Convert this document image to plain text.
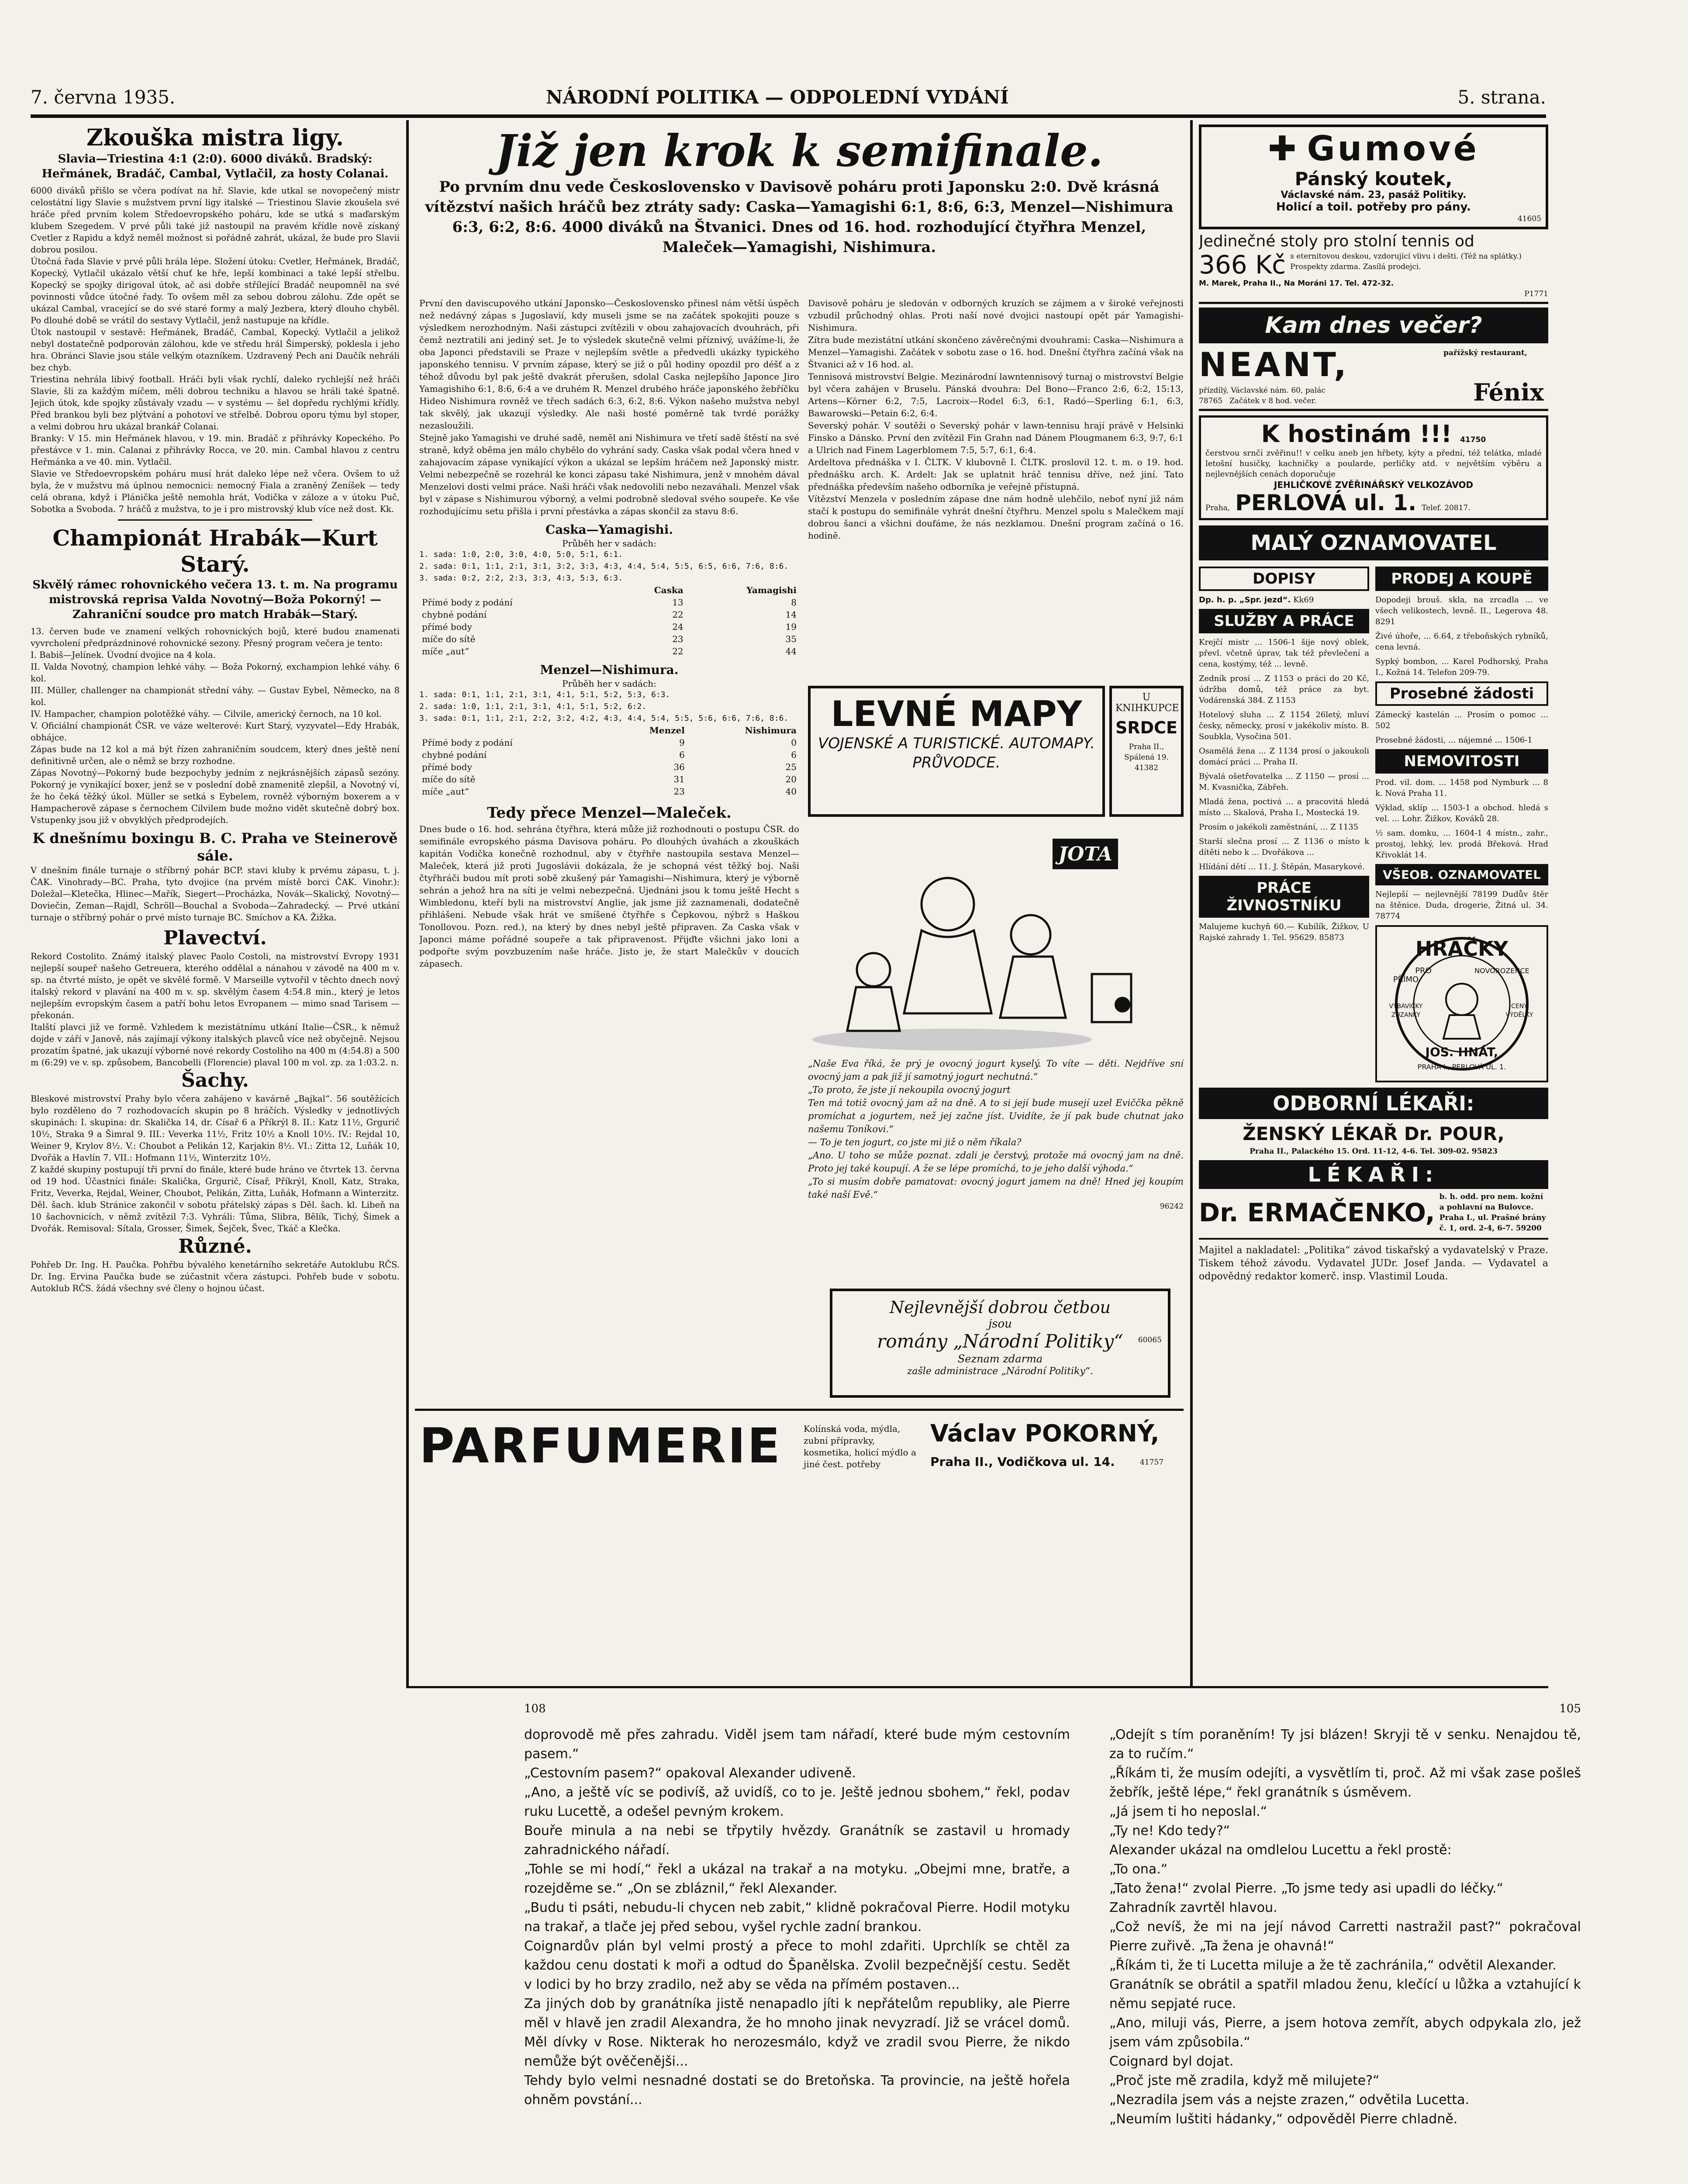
7. června 1935.	NÁRODNÍ POLITIKA — ODPOLEDNÍ VYDÁNÍ	5. strana.

Zkouška mistra ligy.

Slavia—Triestina 4:1 (2:0). 6000 diváků. Bradský: Heřmánek, Bradáč, Cambal, Vytlačil, za hosty Colanai.

6000 diváků přišlo se včera podívat na hř. Slavie, kde utkal se novopečený mistr celostátní ligy Slavie s mužstvem první ligy italské — Triestinou Slavie zkoušela své hráče před prvním kolem Středoevropského poháru, kde se utká s maďarským klubem Szegedem. V prvé půli také již nastoupil na pravém křídle nově získaný Cvetler z Rapidu a když neměl možnost si pořádně zahrát, ukázal, že bude pro Slavii dobrou posilou.

Útočná řada Slavie v prvé půli hrála lépe. Složení útoku: Cvetler, Heřmánek, Bradáč, Kopecký, Vytlačil ukázalo větší chuť ke hře, lepší kombinaci a také lepší střelbu. Kopecký se spojky dirigoval útok, ač asi dobře střílející Bradáč neupomněl na své povinnosti vůdce útočné řady. To ovšem měl za sebou dobrou zálohu. Zde opět se ukázal Cambal, vracející se do své staré formy a malý Jezbera, který dlouho chyběl. Po dlouhé době se vrátil do sestavy Vytlačil, jenž nastupuje na křídle.

Útok nastoupil v sestavě: Heřmánek, Bradáč, Cambal, Kopecký. Vytlačil a jelikož nebyl dostatečně podporován zálohou, kde ve středu hrál Šimperský, poklesla i jeho hra. Obránci Slavie jsou stále velkým otazníkem. Uzdravený Pech ani Daučík nehráli bez chyb.

Triestina nehrála libivý football. Hráči byli však rychlí, daleko rychlejší než hráči Slavie, šli za každým míčem, měli dobrou techniku a hlavou se hráli také špatně. Jejich útok, kde spojky zůstávaly vzadu — v systému — šel dopředu rychlými křídly. Před brankou byli bez plýtvání a pohotoví ve střelbě. Dobrou oporu týmu byl stoper, a velmi dobrou hru ukázal brankář Colanai.

Branky: V 15. min Heřmánek hlavou, v 19. min. Bradáč z přihrávky Kopeckého. Po přestávce v 1. min. Calanai z přihrávky Rocca, ve 20. min. Cambal hlavou z centru Heřmánka a ve 40. min. Vytlačil.

Slavie ve Středoevropském poháru musí hrát daleko lépe než včera. Ovšem to už byla, že v mužstvu má úplnou nemocnici: nemocný Fiala a zraněný Zeníšek — tedy celá obrana, když i Plánička ještě nemohla hrát, Vodička v záloze a v útoku Puč, Sobotka a Svoboda. 7 hráčů z mužstva, to je i pro mistrovský klub více než dost. Kk.

Championát Hrabák—Kurt Starý.

Skvělý rámec rohovnického večera 13. t. m. Na programu mistrovská reprisa Valda Novotný—Boža Pokorný! — Zahraniční soudce pro match Hrabák—Starý.

13. červen bude ve znamení velkých rohovnických bojů, které budou znamenati vyvrcholení předprázdninové rohovnické sezony. Přesný program večera je tento:

I. Babiš—Jelínek. Úvodní dvojice na 4 kola.

II. Valda Novotný, champion lehké váhy. — Boža Pokorný, exchampion lehké váhy. 6 kol.

III. Müller, challenger na championát střední váhy. — Gustav Eybel, Německo, na 8 kol.

IV. Hampacher, champion polotěžké váhy. — Cilvile, americký černoch, na 10 kol.

V. Oficiální championát ČSR. ve váze welterové: Kurt Starý, vyzyvatel—Edy Hrabák, obhájce.

Zápas bude na 12 kol a má být řízen zahraničním soudcem, který dnes ještě není definitivně určen, ale o němž se brzy rozhodne.

Zápas Novotný—Pokorný bude bezpochyby jedním z nejkrásnějších zápasů sezóny. Pokorný je vynikající boxer, jenž se v poslední době znamenitě zlepšil, a Novotný ví, že ho čeká těžký úkol. Müller se setká s Eybelem, rovněž výborným boxerem a v Hampacherově zápase s černochem Cilvilem bude možno vidět skutečně dobrý box. Vstupenky jsou již v obvyklých předprodejích.

K dnešnímu boxingu B. C. Praha ve Steinerově sále.

V dnešním finále turnaje o stříbrný pohár BCP. stavi kluby k prvému zápasu, t. j. ČAK. Vinohrady—BC. Praha, tyto dvojice (na prvém místě borci ČAK. Vinohr.): Doležal—Kletečka, Hlinec—Mařík, Siegert—Procházka, Novák—Skalický, Novotný—Doviečin, Zeman—Rajdl, Schröll—Bouchal a Svoboda—Zahradecký. — Prvé utkání turnaje o stříbrný pohár o prvé místo turnaje BC. Smíchov a KA. Žižka.

Plavectví.

Rekord Costolito. Známý italský plavec Paolo Costoli, na mistrovství Evropy 1931 nejlepší soupeř našeho Getreuera, kterého oddělal a nánahou v závodě na 400 m v. sp. na čtvrté místo, je opět ve skvělé formě. V Marseille vytvořil v těchto dnech nový italský rekord v plavání na 400 m v. sp. skvělým časem 4:54.8 min., který je letos nejlepším evropským časem a patří bohu letos Evropanem — mimo snad Tarisem — překonán.

Italští plavci již ve formě. Vzhledem k mezistátnímu utkání Italie—ČSR., k němuž dojde v září v Janově, nás zajímají výkony italských plavců více než obyčejně. Nejsou prozatím špatné, jak ukazují výborné nové rekordy Costoliho na 400 m (4:54.8) a 500 m (6:29) ve v. sp. způsobem, Bancobelli (Florencie) plaval 100 m vol. zp. za 1:03.2. n.

Šachy.

Bleskové mistrovství Prahy bylo včera zahájeno v kavárně „Bajkal“. 56 soutěžících bylo rozděleno do 7 rozhodovacích skupin po 8 hráčích. Výsledky v jednotlivých skupinách: I. skupina: dr. Skalička 14, dr. Císař 6 a Příkrýl 8. II.: Katz 11½, Grgurič 10½, Straka 9 a Šimral 9. III.: Veverka 11½, Fritz 10½ a Knoll 10½. IV.: Rejdal 10, Weiner 9, Krylov 8½. V.: Choubot a Pelikán 12, Karjakin 8½. VI.: Zitta 12, Luňák 10, Dvořák a Havlín 7. VII.: Hofmann 11½, Winterzitz 10½.

Z každé skupiny postupují tři první do finále, které bude hráno ve čtvrtek 13. června od 19 hod. Účastníci finále: Skalička, Grgurič, Císař, Příkrýl, Knoll, Katz, Straka, Fritz, Veverka, Rejdal, Weiner, Choubot, Pelikán, Zitta, Luňák, Hofmann a Winterzitz.

Děl. šach. klub Stránice zakončil v sobotu přátelský zápas s Děl. šach. kl. Libeň na 10 šachovnicích, v němž zvítězil 7:3. Vyhráli: Tůma, Slibra, Bělík, Tichý, Šimek a Dvořák. Remisoval: Sítala, Grosser, Šimek, Šejček, Švec, Tkáč a Klečka.

Různé.

Pohřeb Dr. Ing. H. Paučka. Pohřbu bývalého kenetárního sekretáře Autoklubu RČS. Dr. Ing. Ervina Paučka bude se zúčastnit včera zástupci. Pohřeb bude v sobotu. Autoklub RČS. žádá všechny své členy o hojnou účast.

Již jen krok k semifinale.

Po prvním dnu vede Československo v Davisově poháru proti Japonsku 2:0. Dvě krásná vítězství našich hráčů bez ztráty sady: Caska—Yamagishi 6:1, 8:6, 6:3, Menzel—Nishimura 6:3, 6:2, 8:6. 4000 diváků na Štvanici. Dnes od 16. hod. rozhodující čtyřhra Menzel, Maleček—Yamagishi, Nishimura.

První den daviscupového utkání Japonsko—Československo přinesl nám větší úspěch než nedávný zápas s Jugoslavií, kdy museli jsme se na začátek spokojiti pouze s výsledkem nerozhodným. Naši zástupci zvítězili v obou zahajovacích dvouhrách, při čemž neztratili ani jediný set. Je to výsledek skutečně velmi příznivý, uvážíme-li, že oba Japonci představili se Praze v nejlepším světle a předvedli ukázky typického japonského tennisu. V prvním zápase, který se již o půl hodiny opozdil pro déšť a z téhož důvodu byl pak ještě dvakrát přerušen, sdolal Caska nejlepšího Japonce Jiro Yamagishiho 6:1, 8:6, 6:4 a ve druhém R. Menzel drubého hráče japonského žebříčku Hideo Nishimura rovněž ve třech sadách 6:3, 6:2, 8:6. Výkon našeho mužstva nebyl tak skvělý, jak ukazují výsledky. Ale naši hosté poměrně tak tvrdé porážky nezasloužili.

Stejně jako Yamagishi ve druhé sadě, neměl ani Nishimura ve třetí sadě štěstí na své straně, když oběma jen málo chybělo do vyhrání sady. Caska však podal včera hned v zahajovacím zápase vynikající výkon a ukázal se lepším hráčem než Japonský mistr. Velmi nebezpečně se rozehrál ke konci zápasu také Nishimura, jenž v mnohém dával Menzelovi dosti velmi práce. Naši hráči však nedovolili nebo nezaváhali. Menzel však byl v zápase s Nishimurou výborný, a velmi podrobně sledoval svého soupeře. Ke vše rozhodujícímu setu přišla i první přestávka a zápas skončil za stavu 8:6.

Caska—Yamagishi.

Průběh her v sadách:

1. sada: 1:0, 2:0, 3:0, 4:0, 5:0, 5:1, 6:1.

2. sada: 0:1, 1:1, 2:1, 3:1, 3:2, 3:3, 4:3, 4:4, 5:4, 5:5, 6:5, 6:6, 7:6, 8:6.

3. sada: 0:2, 2:2, 2:3, 3:3, 4:3, 5:3, 6:3.

	Caska	Yamagishi
Přímé body z podání	13	8
chybné podání	22	14
přímé body	24	19
míče do sítě	23	35
míče „aut“	22	44

Menzel—Nishimura.

Průběh her v sadách:

1. sada: 0:1, 1:1, 2:1, 3:1, 4:1, 5:1, 5:2, 5:3, 6:3.

2. sada: 1:0, 1:1, 2:1, 3:1, 4:1, 5:1, 5:2, 6:2.

3. sada: 0:1, 1:1, 2:1, 2:2, 3:2, 4:2, 4:3, 4:4, 5:4, 5:5, 5:6, 6:6, 7:6, 8:6.

	Menzel	Nishimura
Přímé body z podání	9	0
chybné podání	6	6
přímé body	36	25
míče do sítě	31	20
míče „aut“	23	40

Tedy přece Menzel—Maleček.

Dnes bude o 16. hod. sehrána čtyřhra, která může již rozhodnouti o postupu ČSR. do semifinále evropského pásma Davisova poháru. Po dlouhých úvahách a zkouškách kapitán Vodička konečně rozhodnul, aby v čtyřhře nastoupila sestava Menzel—Maleček, která již proti Jugoslávii dokázala, že je schopná vést těžký boj. Naši čtyřhráči budou mít proti sobě zkušený pár Yamagishi—Nishimura, který je výborně sehrán a jehož hra na síti je velmi nebezpečná. Ujednáni jsou k tomu ještě Hecht s Wimbledonu, kteří byli na mistrovství Anglie, jak jsme již zaznamenali, dodatečně přihlášeni. Nebude však hrát ve smíšené čtyřhře s Čepkovou, nýbrž s Haškou Tonollovou. Pozn. red.), na který by dnes nebyl ještě připraven. Za Caska však v Japonci máme pořádné soupeře a tak připravenost. Přijďte všichni jako loni a podpořte svým povzbuzením naše hráče. Jisto je, že start Malečkův v doucích zápasech.

Davisově poháru je sledován v odborných kruzích se zájmem a v široké veřejnosti vzbudil průchodný ohlas. Proti naší nové dvojici nastoupí opět pár Yamagishi-Nishimura.

Zítra bude mezistátní utkání skončeno závěrečnými dvouhrami: Caska—Nishimura a Menzel—Yamagishi. Začátek v sobotu zase o 16. hod. Dnešní čtyřhra začíná však na Štvanici až v 16 hod. al.

Tennisová mistrovství Belgie. Mezinárodní lawntennisový turnaj o mistrovství Belgie byl včera zahájen v Bruselu. Pánská dvouhra: Del Bono—Franco 2:6, 6:2, 15:13, Artens—Körner 6:2, 7:5, Lacroix—Rodel 6:3, 6:1, Radó—Sperling 6:1, 6:3, Bawarowski—Petain 6:2, 6:4.

Severský pohár. V soutěži o Severský pohár v lawn-tennisu hrají právě v Helsinki Finsko a Dánsko. První den zvítězil Fin Grahn nad Dánem Plougmanem 6:3, 9:7, 6:1 a Ulrich nad Finem Lagerblomem 7:5, 5:7, 6:1, 6:4.

Ardeltova přednáška v I. ČLTK. V klubovně I. ČLTK. proslovil 12. t. m. o 19. hod. přednášku arch. K. Ardelt: Jak se uplatnit hráč tennisu dříve, než jiní. Tato přednáška především našeho odborníka je veřejně přístupná.

Vítězství Menzela v posledním zápase dne nám hodně ulehčilo, neboť nyní již nám stačí k postupu do semifinále vyhrát dnešní čtyřhru. Menzel spolu s Malečkem mají dobrou šanci a všichni doufáme, že nás nezklamou. Dnešní program začíná o 16. hodině.

LEVNÉ MAPY
VOJENSKÉ A TURISTICKÉ. AUTOMAPY. PRŮVODCE.
U KNIHKUPCE
SRDCE
Praha II., Spálená 19.
41382
JOTA

„Naše Eva říká, že prý je ovocný jogurt kyselý. To víte — děti. Nejdříve sní ovocný jam a pak již jí samotný jogurt nechutná.“

„To proto, že jste jí nekoupila ovocný jogurt

Ten má totiž ovocný jam až na dně. A to si její bude musejí uzel Eviččka pěkně promíchat a jogurtem, než jej začne jíst. Uvidíte, že jí pak bude chutnat jako našemu Toníkovi.“

— To je ten jogurt, co jste mi již o něm říkala?

„Ano. U toho se může poznat. zdali je čerstvý, protože má ovocný jam na dně. Proto jej také koupují. A že se lépe promíchá, to je jeho další výhoda.“

„To si musím dobře pamatovat: ovocný jogurt jamem na dně! Hned jej koupím také naší Evě.“

96242

Nejlevnější dobrou četbou
jsou
romány „Národní Politiky“
Seznam zdarma
zašle administrace „Národní Politiky“.
60065
PARFUMERIE Kolínská voda, mýdla, zubní přípravky, kosmetika, holicí mýdlo a jiné čest. potřeby
Václav POKORNÝ,
Praha II., Vodičkova ul. 14.	41757
✚ Gumové
Pánský koutek,
Václavské nám. 23, pasáž Politiky.
Holicí a toil. potřeby pro pány.
41605
Jedinečné stoly pro stolní tennis od
366 Kč s eternitovou deskou, vzdorující vlivu i dešti. (Též na splátky.) Prospekty zdarma. Zasílá prodejci.
M. Marek, Praha II., Na Moráni 17. Tel. 472-32.
P1771
Kam dnes večer?
NEANT,	pařížský restaurant,
přízdílý, Václavské nám. 60, palác
Začátek v 8 hod. večer.
78765	Fénix
K hostinám !!! 41750
čerstvou srnčí zvěřinu!! v celku aneb jen hřbety, kýty a přední, též telátka, mladé letošní husičky, kachničky a poularde, perličky atd. v největším výběru a nejlevnějších cenách doporučuje
JEHLIČKOVÉ ZVĚŘINÁŘSKÝ VELKOZÁVOD
Praha, PERLOVÁ ul. 1. Telef. 20817.
MALÝ OZNAMOVATEL
DOPISY
Dp. h. p. „Spr. jezd“. Kk69
SLUŽBY A PRÁCE
Krejčí mistr ... 1506-1 šije nový oblek, převl. včetně úprav, tak též převlečení a cena, kostýmy, též ... levně.
Zedník prosí ... Z 1153 o práci do 20 Kč, údržba domů, též práce za byt. Vodárenská 384. Z 1153
Hotelový sluha ... Z 1154 26letý, mluví česky, německy, prosí v jakékoliv místo. B. Soubkla, Vysočina 501.
Osamělá žena ... Z 1134 prosí o jakoukoli domácí práci ... Praha II.
Bývalá ošetřovatelka ... Z 1150 — prosí ... M. Kvasnička, Zábřeh.
Mladá žena, poctivá ... a pracovitá hledá místo ... Skalová, Praha I., Mostecká 19.
Prosím o jakékoli zaměstnání, ... Z 1135
Starší slečna prosí ... Z 1136 o místo k dítěti nebo k ... Dvořákova ...
Hlídání dětí ... 11. J. Štěpán, Masarykové.
PRÁCE ŽIVNOSTNÍKU
Malujeme kuchyň 60.— Kubílík, Žižkov, U Rajské zahrady 1. Tel. 95629. 85873
PRODEJ A KOUPĚ
Dopodeji brouš. skla, na zrcadla ... ve všech velikostech, levně. II., Legerova 48. 8291
Živé úhoře, ... 6.64, z třeboňských rybníků, cena levná.
Sypký bombon, ... Karel Podhorský, Praha I., Kožná 14. Telefon 209-79.
Prosebné žádosti
Zámecký kastelán ... Prosím o pomoc ... 502
Prosebné žádosti, ... nájemné ... 1506-1
NEMOVITOSTI
Prod. vil. dom. ... 1458 pod Nymburk ... 8 k. Nová Praha 11.
Výklad, sklíp ... 1503-1 a obchod. hledá s vel. ... Lohr. Žižkov, Kováků 28.
½ sam. domku, ... 1604-1 4 místn., zahr., prostoj, lehký, lev. prodá Břeková. Hrad Křivoklát 14.
VŠEOB. OZNAMOVATEL
Nejlepší — nejlevnější 78199 Dudův štěr na štěnice. Duda, drogerie, Žitná ul. 34. 78774
HRAČKY
PŘÍMO
PRO	NOVOROZENCE
VÝBAVIČKY
ZUZANKY
CENY
VÝDĚLKY
JOS. HNÁT,
PRAHA I., PERLOVÁ UL. 1.
ODBORNÍ LÉKAŘI:
ŽENSKÝ LÉKAŘ Dr. POUR,
Praha II., Palackého 15. Ord. 11-12, 4-6. Tel. 309-02. 95823
LÉKAŘI:
Dr. ERMAČENKO,
b. h. odd. pro nem. kožní a pohlavní na Bulovce. Praha I., ul. Prašné brány č. 1, ord. 2-4, 6-7. 59200
Majitel a nakladatel: „Politika“ závod tiskařský a vydavatelský v Praze. Tiskem téhož závodu. Vydavatel JUDr. Josef Janda. — Vydavatel a odpovědný redaktor komerč. insp. Vlastimil Louda.
108

doprovodě mě přes zahradu. Viděl jsem tam nářadí, které bude mým cestovním pasem.“

„Cestovním pasem?“ opakoval Alexander udiveně.

„Ano, a ještě víc se podivíš, až uvidíš, co to je. Ještě jednou sbohem,“ řekl, podav ruku Lucettě, a odešel pevným krokem.

Bouře minula a na nebi se třpytily hvězdy. Granátník se zastavil u hromady zahradnického nářadí.

„Tohle se mi hodí,“ řekl a ukázal na trakař a na motyku. „Obejmi mne, bratře, a rozejděme se.“ „On se zbláznil,“ řekl Alexander.

„Budu ti psáti, nebudu-li chycen neb zabit,“ klidně pokračoval Pierre. Hodil motyku na trakař, a tlače jej před sebou, vyšel rychle zadní brankou.

Coignardův plán byl velmi prostý a přece to mohl zdařiti. Uprchlík se chtěl za každou cenu dostati k moři a odtud do Španělska. Zvolil bezpečnější cestu. Sedět v lodici by ho brzy zradilo, než aby se věda na přímém postaven...

Za jiných dob by granátníka jistě nenapadlo jíti k nepřátelům republiky, ale Pierre měl v hlavě jen zradil Alexandra, že ho mnoho jinak nevyzradí. Již se vrácel domů. Měl dívky v Rose. Nikterak ho nerozesmálo, když ve zradil svou Pierre, že nikdo nemůže být ověčenějši...

Tehdy bylo velmi nesnadné dostati se do Bretoňska. Ta provincie, na ještě hořela ohněm povstání...

105

„Odejít s tím poraněním! Ty jsi blázen! Skryji tě v senku. Nenajdou tě, za to ručím.“

„Říkám ti, že musím odejíti, a vysvětlím ti, proč. Až mi však zase pošleš žebřík, ještě lépe,“ řekl granátník s úsměvem.

„Já jsem ti ho neposlal.“

„Ty ne! Kdo tedy?“

Alexander ukázal na omdlelou Lucettu a řekl prostě:

„To ona.“

„Tato žena!“ zvolal Pierre. „To jsme tedy asi upadli do léčky.“

Zahradník zavrtěl hlavou.

„Což nevíš, že mi na její návod Carretti nastražil past?“ pokračoval Pierre zuřivě. „Ta žena je ohavná!“

„Říkám ti, že ti Lucetta miluje a že tě zachránila,“ odvětil Alexander.

Granátník se obrátil a spatřil mladou ženu, klečící u lůžka a vztahující k němu sepjaté ruce.

„Ano, miluji vás, Pierre, a jsem hotova zemřít, abych odpykala zlo, jež jsem vám způsobila.“

Coignard byl dojat.

„Proč jste mě zradila, když mě milujete?“

„Nezradila jsem vás a nejste zrazen,“ odvětila Lucetta.

„Neumím luštiti hádanky,“ odpověděl Pierre chladně.
